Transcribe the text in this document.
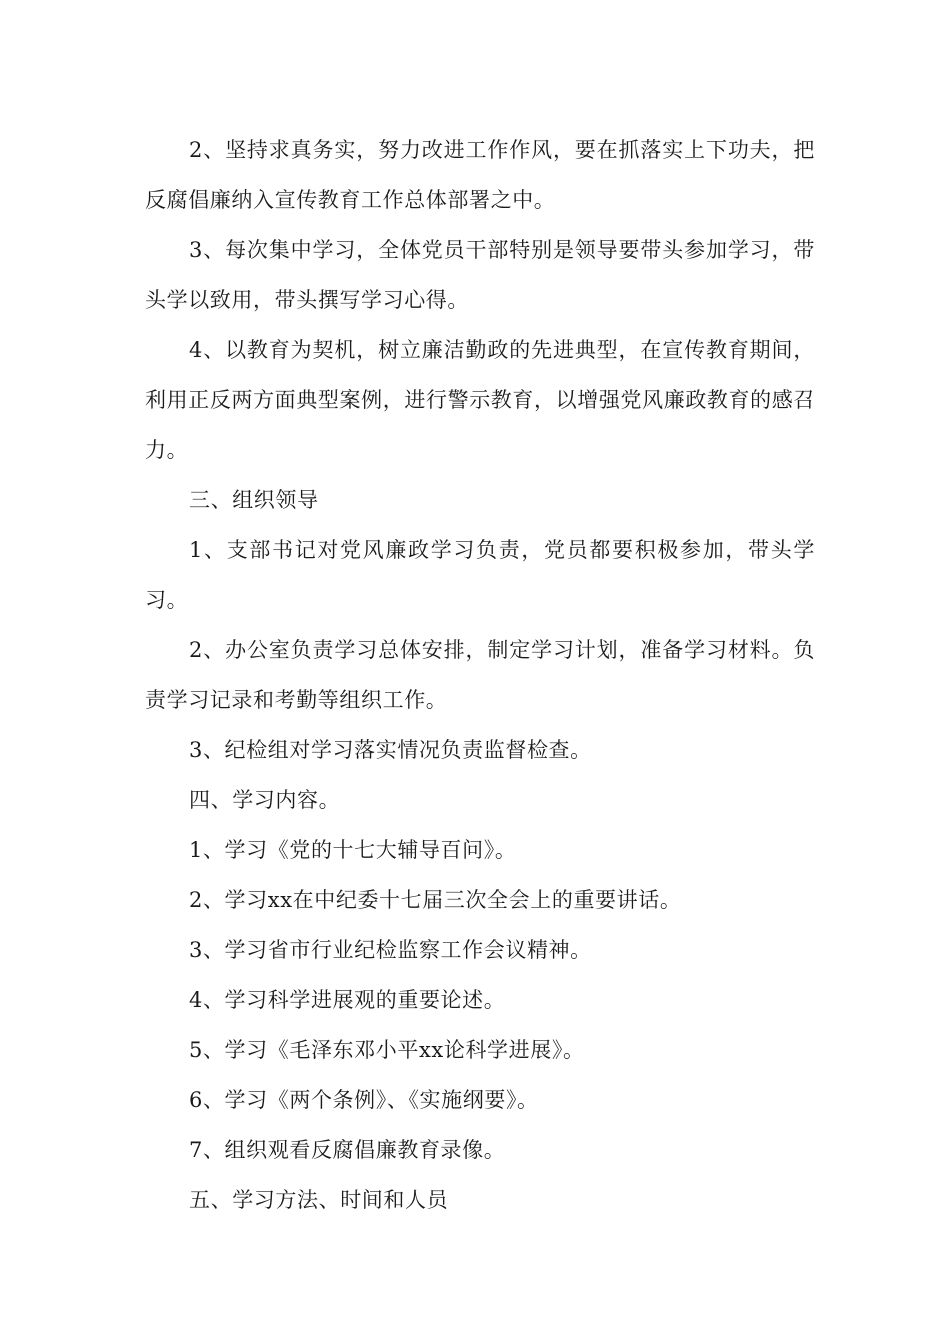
2、坚持求真务实，努力改进工作作风，要在抓落实上下功夫，把反腐倡廉纳入宣传教育工作总体部署之中。

3、每次集中学习，全体党员干部特别是领导要带头参加学习，带头学以致用，带头撰写学习心得。

4、以教育为契机，树立廉洁勤政的先进典型，在宣传教育期间，利用正反两方面典型案例，进行警示教育，以增强党风廉政教育的感召力。

三、组织领导

1、支部书记对党风廉政学习负责，党员都要积极参加，带头学习。

2、办公室负责学习总体安排，制定学习计划，准备学习材料。负责学习记录和考勤等组织工作。

3、纪检组对学习落实情况负责监督检查。

四、学习内容。

1、学习《党的十七大辅导百问》。

2、学习xx在中纪委十七届三次全会上的重要讲话。

3、学习省市行业纪检监察工作会议精神。

4、学习科学进展观的重要论述。

5、学习《毛泽东邓小平xx论科学进展》。

6、学习《两个条例》、《实施纲要》。

7、组织观看反腐倡廉教育录像。

五、学习方法、时间和人员
